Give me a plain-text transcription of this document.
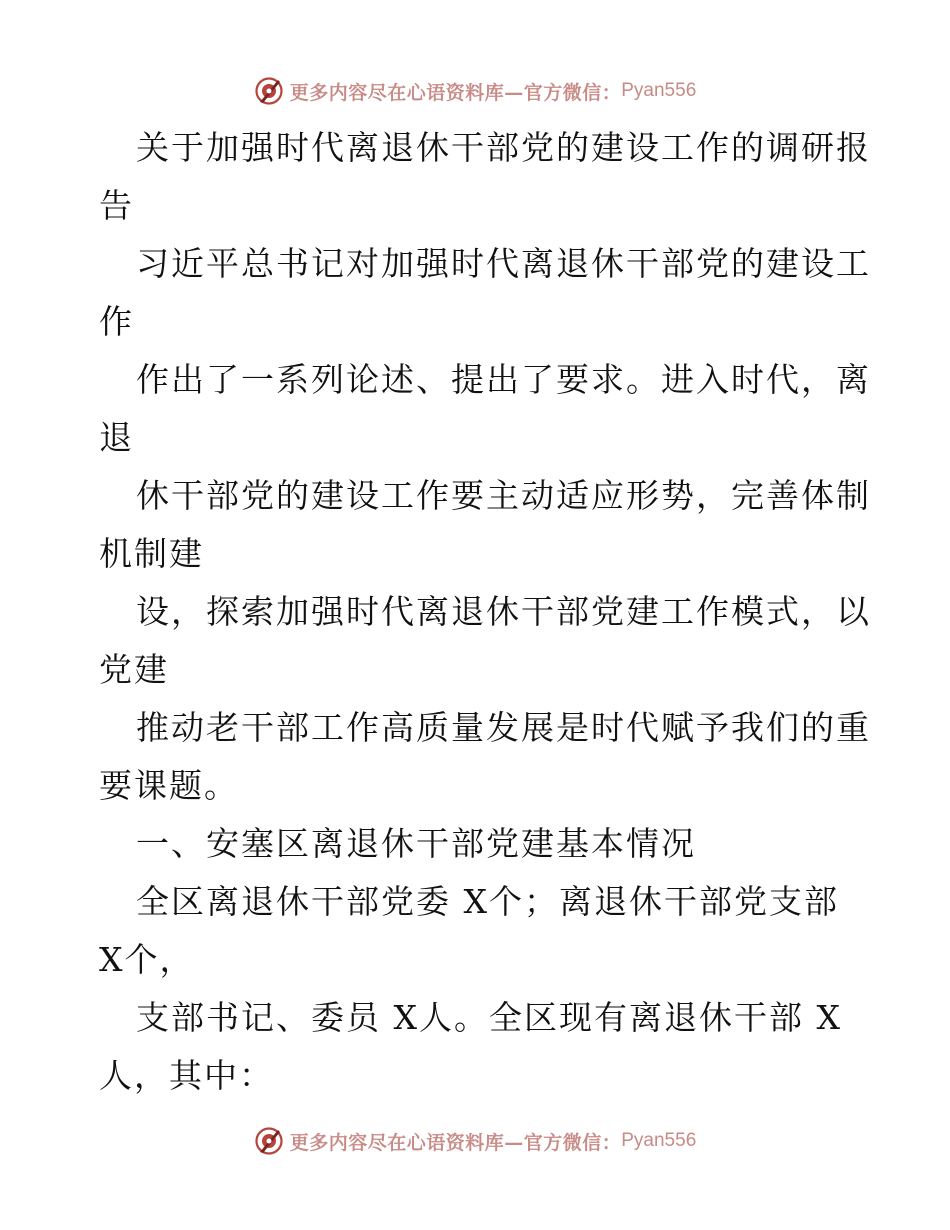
更多内容尽在心语资料库—官方微信： Pyan556
关于加强时代离退休干部党的建设工作的调研报
告
习近平总书记对加强时代离退休干部党的建设工
作
作出了一系列论述、提出了要求。进入时代，离
退
休干部党的建设工作要主动适应形势，完善体制
机制建
设，探索加强时代离退休干部党建工作模式，以
党建
推动老干部工作高质量发展是时代赋予我们的重
要课题。
一、安塞区离退休干部党建基本情况
全区离退休干部党委 X个；离退休干部党支部
X个，
支部书记、委员 X人。全区现有离退休干部 X
人，其中：
更多内容尽在心语资料库—官方微信： Pyan556
